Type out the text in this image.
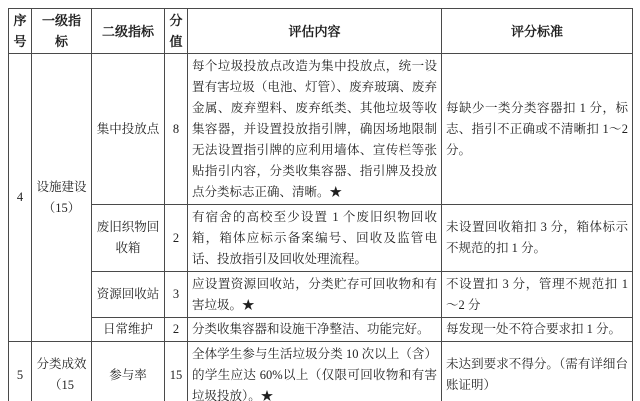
序号	一级指标	二级指标	分值	评估内容	评分标准
4	设施建设（15）	集中投放点	8	每个垃圾投放点改造为集中投放点，统一设置有害垃圾（电池、灯管）、废弃玻璃、废弃金属、废弃塑料、废弃纸类、其他垃圾等收集容器，并设置投放指引牌，确因场地限制无法设置指引牌的应利用墙体、宣传栏等张贴指引内容，分类收集容器、指引牌及投放点分类标志正确、清晰。★	每缺少一类分类容器扣 1 分，标志、指引不正确或不清晰扣 1～2 分。
		废旧织物回收箱	2	有宿舍的高校至少设置 1 个废旧织物回收箱，箱体应标示备案编号、回收及监管电话、投放指引及回收处理流程。	未设置回收箱扣 3 分，箱体标示不规范的扣 1 分。
		资源回收站	3	应设置资源回收站，分类贮存可回收物和有害垃圾。★	不设置扣 3 分，管理不规范扣 1～2 分
		日常维护	2	分类收集容器和设施干净整洁、功能完好。	每发现一处不符合要求扣 1 分。
5	分类成效（15	参与率	15	全体学生参与生活垃圾分类 10 次以上（含）的学生应达 60%以上（仅限可回收物和有害垃圾投放）。★	未达到要求不得分。（需有详细台账证明）
